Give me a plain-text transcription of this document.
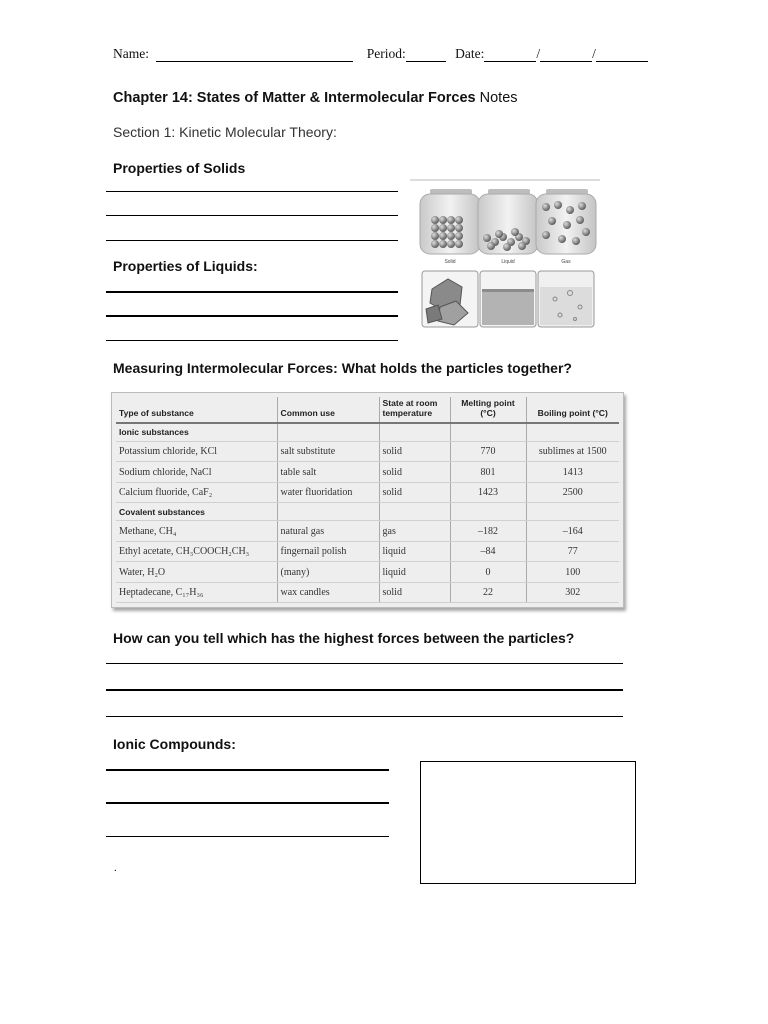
Name:	Period:	Date:	/	/
Chapter 14: States of Matter & Intermolecular Forces Notes
Section 1: Kinetic Molecular Theory:
Properties of Solids
Properties of Liquids:	Solid	Liquid	Gas
Measuring Intermolecular Forces: What holds the particles together?
Type of substance	Common use	State at room temperature	Melting point (°C)	Boiling point (°C)
Ionic substances				
Potassium chloride, KCl	salt substitute	solid	770	sublimes at 1500
Sodium chloride, NaCl	table salt	solid	801	1413
Calcium fluoride, CaF₂	water fluoridation	solid	1423	2500
Covalent substances				
Methane, CH₄	natural gas	gas	–182	–164
Ethyl acetate, CH₃COOCH₂CH₃	fingernail polish	liquid	–84	77
Water, H₂O	(many)	liquid	0	100
Heptadecane, C₁₇H₃₆	wax candles	solid	22	302
How can you tell which has the highest forces between the particles?
Ionic Compounds:
.
